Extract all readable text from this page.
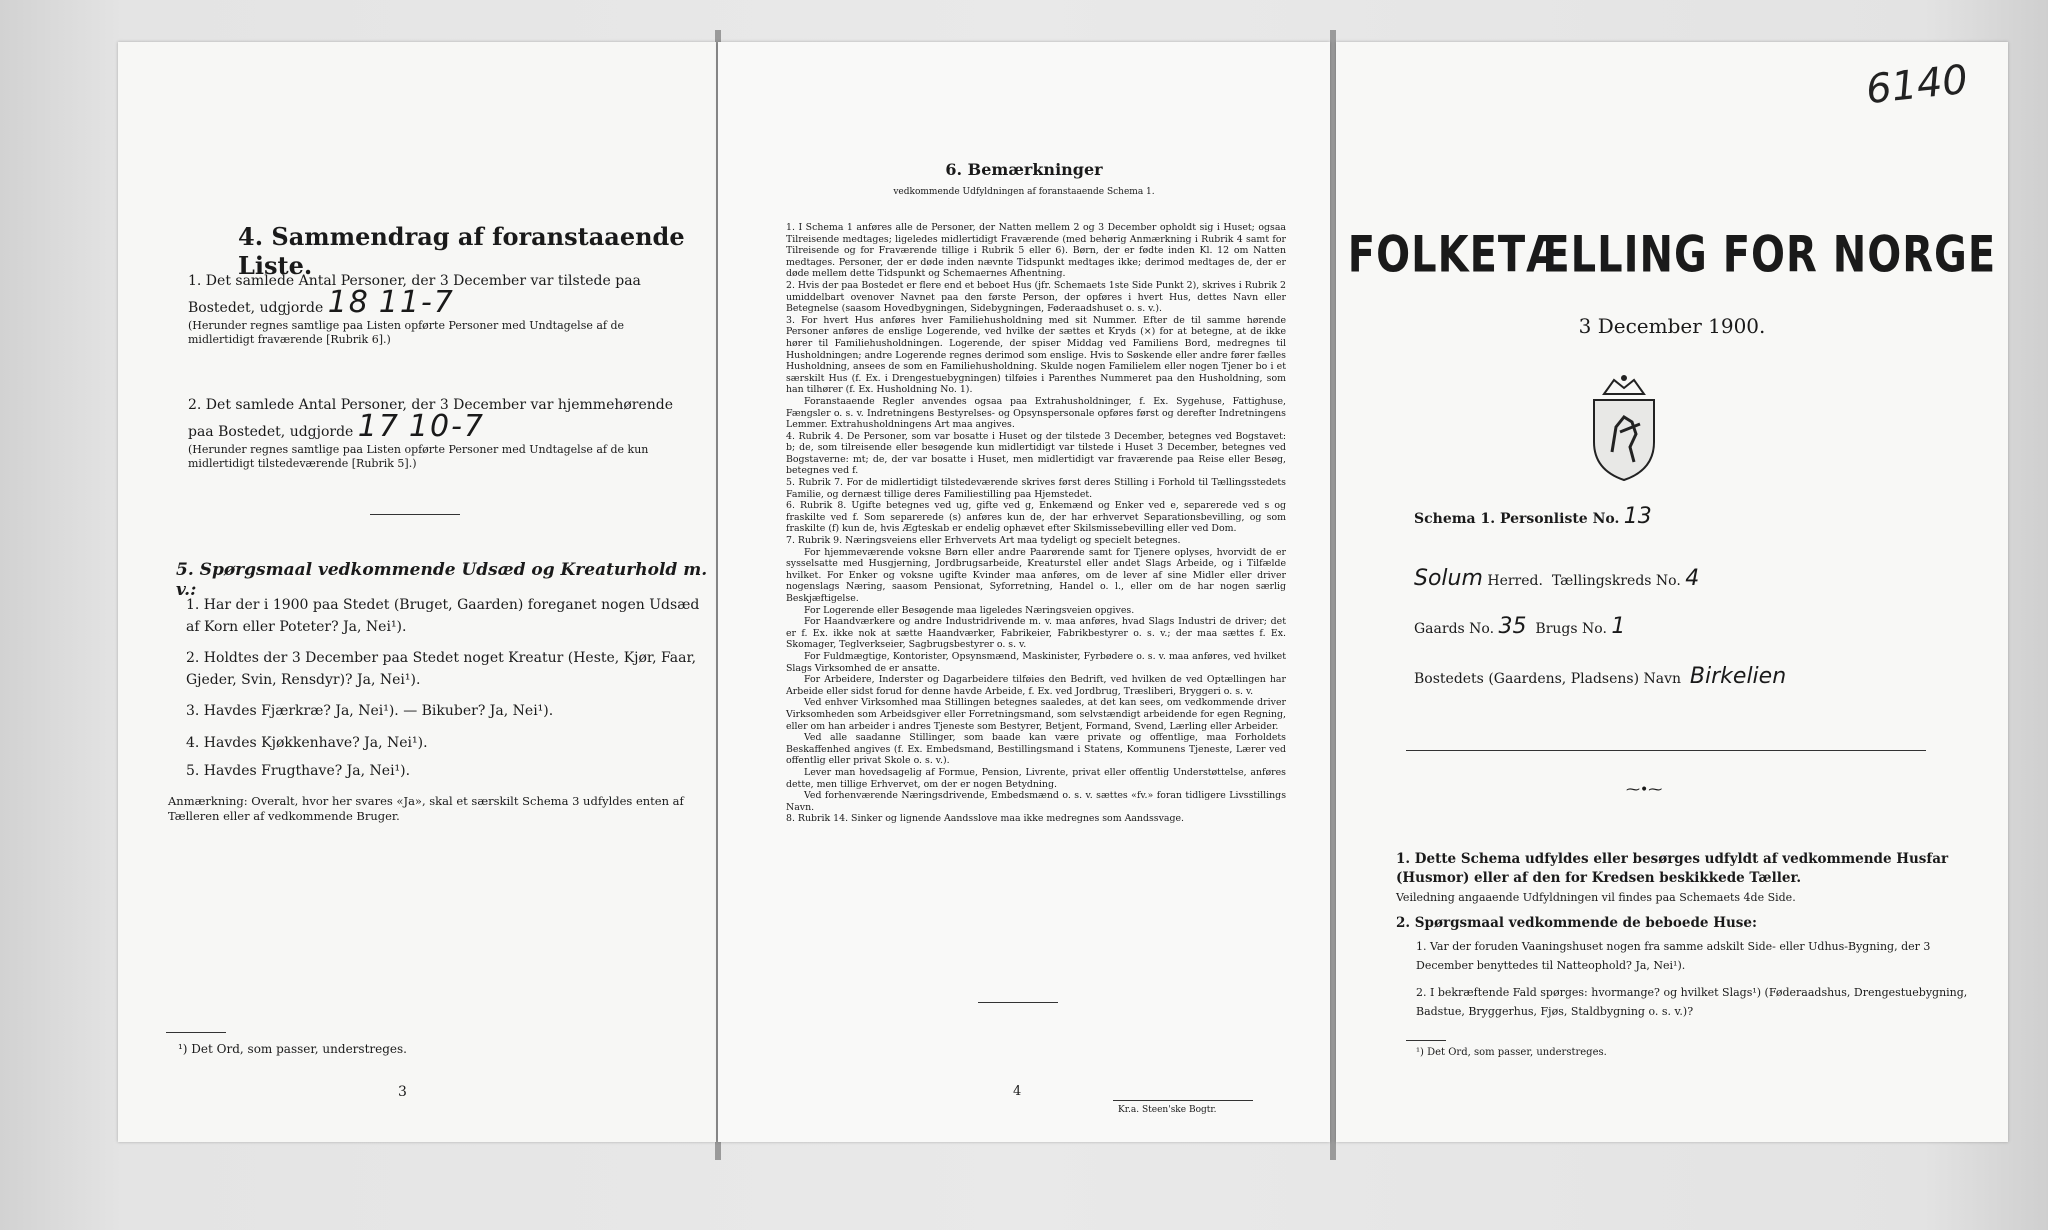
4. Sammendrag af foranstaaende Liste.
1. Det samlede Antal Personer, der 3 December var tilstede paa Bostedet, udgjorde 18 11-7
(Herunder regnes samtlige paa Listen opførte Personer med Undtagelse af de midlertidigt fraværende [Rubrik 6].)
2. Det samlede Antal Personer, der 3 December var hjemmehørende paa Bostedet, udgjorde 17 10-7
(Herunder regnes samtlige paa Listen opførte Personer med Undtagelse af de kun midlertidigt tilstedeværende [Rubrik 5].)
5. Spørgsmaal vedkommende Udsæd og Kreaturhold m. v.:
1. Har der i 1900 paa Stedet (Bruget, Gaarden) foreganet nogen Udsæd af Korn eller Poteter? Ja, Nei¹).
2. Holdtes der 3 December paa Stedet noget Kreatur (Heste, Kjør, Faar, Gjeder, Svin, Rensdyr)? Ja, Nei¹).
3. Havdes Fjærkræ? Ja, Nei¹). — Bikuber? Ja, Nei¹).
4. Havdes Kjøkkenhave? Ja, Nei¹).
5. Havdes Frugthave? Ja, Nei¹).
Anmærkning: Overalt, hvor her svares «Ja», skal et særskilt Schema 3 udfyldes enten af Tælleren eller af vedkommende Bruger.
¹) Det Ord, som passer, understreges.
3
6. Bemærkninger
vedkommende Udfyldningen af foranstaaende Schema 1.

1. I Schema 1 anføres alle de Personer, der Natten mellem 2 og 3 December opholdt sig i Huset; ogsaa Tilreisende medtages; ligeledes midlertidigt Fraværende (med behørig Anmærkning i Rubrik 4 samt for Tilreisende og for Fraværende tillige i Rubrik 5 eller 6). Børn, der er fødte inden Kl. 12 om Natten medtages. Personer, der er døde inden nævnte Tidspunkt medtages ikke; derimod medtages de, der er døde mellem dette Tidspunkt og Schemaernes Afhentning.

2. Hvis der paa Bostedet er flere end et beboet Hus (jfr. Schemaets 1ste Side Punkt 2), skrives i Rubrik 2 umiddelbart ovenover Navnet paa den første Person, der opføres i hvert Hus, dettes Navn eller Betegnelse (saasom Hovedbygningen, Sidebygningen, Føderaadshuset o. s. v.).

3. For hvert Hus anføres hver Familiehusholdning med sit Nummer. Efter de til samme hørende Personer anføres de enslige Logerende, ved hvilke der sættes et Kryds (×) for at betegne, at de ikke hører til Familiehusholdningen. Logerende, der spiser Middag ved Familiens Bord, medregnes til Husholdningen; andre Logerende regnes derimod som enslige. Hvis to Søskende eller andre fører fælles Husholdning, ansees de som en Familiehusholdning. Skulde nogen Familielem eller nogen Tjener bo i et særskilt Hus (f. Ex. i Drengestuebygningen) tilføies i Parenthes Nummeret paa den Husholdning, som han tilhører (f. Ex. Husholdning No. 1).

Foranstaaende Regler anvendes ogsaa paa Extrahusholdninger, f. Ex. Sygehuse, Fattighuse, Fængsler o. s. v. Indretningens Bestyrelses- og Opsynspersonale opføres først og derefter Indretningens Lemmer. Extrahusholdningens Art maa angives.

4. Rubrik 4. De Personer, som var bosatte i Huset og der tilstede 3 December, betegnes ved Bogstavet: b; de, som tilreisende eller besøgende kun midlertidigt var tilstede i Huset 3 December, betegnes ved Bogstaverne: mt; de, der var bosatte i Huset, men midlertidigt var fraværende paa Reise eller Besøg, betegnes ved f.

5. Rubrik 7. For de midlertidigt tilstedeværende skrives først deres Stilling i Forhold til Tællingsstedets Familie, og dernæst tillige deres Familiestilling paa Hjemstedet.

6. Rubrik 8. Ugifte betegnes ved ug, gifte ved g, Enkemænd og Enker ved e, separerede ved s og fraskilte ved f. Som separerede (s) anføres kun de, der har erhvervet Separationsbevilling, og som fraskilte (f) kun de, hvis Ægteskab er endelig ophævet efter Skilsmissebevilling eller ved Dom.

7. Rubrik 9. Næringsveiens eller Erhvervets Art maa tydeligt og specielt betegnes.

For hjemmeværende voksne Børn eller andre Paarørende samt for Tjenere oplyses, hvorvidt de er sysselsatte med Husgjerning, Jordbrugsarbeide, Kreaturstel eller andet Slags Arbeide, og i Tilfælde hvilket. For Enker og voksne ugifte Kvinder maa anføres, om de lever af sine Midler eller driver nogenslags Næring, saasom Pensionat, Syforretning, Handel o. l., eller om de har nogen særlig Beskjæftigelse.

For Logerende eller Besøgende maa ligeledes Næringsveien opgives.

For Haandværkere og andre Industridrivende m. v. maa anføres, hvad Slags Industri de driver; det er f. Ex. ikke nok at sætte Haandværker, Fabrikeier, Fabrikbestyrer o. s. v.; der maa sættes f. Ex. Skomager, Teglverkseier, Sagbrugsbestyrer o. s. v.

For Fuldmægtige, Kontorister, Opsynsmænd, Maskinister, Fyrbødere o. s. v. maa anføres, ved hvilket Slags Virksomhed de er ansatte.

For Arbeidere, Inderster og Dagarbeidere tilføies den Bedrift, ved hvilken de ved Optællingen har Arbeide eller sidst forud for denne havde Arbeide, f. Ex. ved Jordbrug, Træsliberi, Bryggeri o. s. v.

Ved enhver Virksomhed maa Stillingen betegnes saaledes, at det kan sees, om vedkommende driver Virksomheden som Arbeidsgiver eller Forretningsmand, som selvstændigt arbeidende for egen Regning, eller om han arbeider i andres Tjeneste som Bestyrer, Betjent, Formand, Svend, Lærling eller Arbeider.

Ved alle saadanne Stillinger, som baade kan være private og offentlige, maa Forholdets Beskaffenhed angives (f. Ex. Embedsmand, Bestillingsmand i Statens, Kommunens Tjeneste, Lærer ved offentlig eller privat Skole o. s. v.).

Lever man hovedsagelig af Formue, Pension, Livrente, privat eller offentlig Understøttelse, anføres dette, men tillige Erhvervet, om der er nogen Betydning.

Ved forhenværende Næringsdrivende, Embedsmænd o. s. v. sættes «fv.» foran tidligere Livsstillings Navn.

8. Rubrik 14. Sinker og lignende Aandsslove maa ikke medregnes som Aandssvage.

4
Kr.a. Steen'ske Bogtr.
6140
FOLKETÆLLING FOR NORGE
3 December 1900.
Schema 1. Personliste No. 13
Solum Herred. Tællingskreds No. 4
Gaards No. 35 Brugs No. 1
Bostedets (Gaardens, Pladsens) Navn Birkelien
⁓•⁓
1. Dette Schema udfyldes eller besørges udfyldt af vedkommende Husfar (Husmor) eller af den for Kredsen beskikkede Tæller.
Veiledning angaaende Udfyldningen vil findes paa Schemaets 4de Side.
2. Spørgsmaal vedkommende de beboede Huse:
1. Var der foruden Vaaningshuset nogen fra samme adskilt Side- eller Udhus-Bygning, der 3 December benyttedes til Natteophold? Ja, Nei¹).
2. I bekræftende Fald spørges: hvormange? og hvilket Slags¹) (Føderaadshus, Drengestuebygning, Badstue, Bryggerhus, Fjøs, Staldbygning o. s. v.)?
¹) Det Ord, som passer, understreges.
